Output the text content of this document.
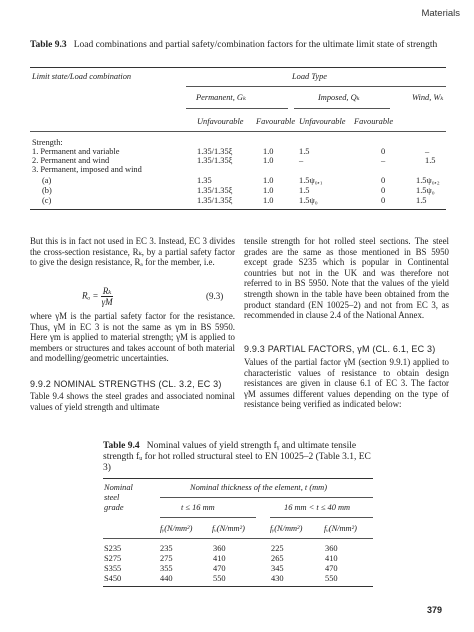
Materials
Table 9.3 Load combinations and partial safety/combination factors for the ultimate limit state of strength
Limit state/Load combination	Load Type
Permanent, Gₖ	Imposed, Qₖ	Wind, Wₖ
Unfavourable Favourable Unfavourable Favourable
Strength:
1. Permanent and variable	1.35/1.35ξ	1.0	1.5	0	–
2. Permanent and wind	1.35/1.35ξ	1.0	–	–	1.5
3. Permanent, imposed and wind
(a)	1.35	1.0	1.5ψ₀,₁	0	1.5ψ₀,₂
(b)	1.35/1.35ξ	1.0	1.5	0	1.5ψ₀
(c)	1.35/1.35ξ	1.0	1.5ψ₀	0	1.5

But this is in fact not used in EC 3. Instead, EC 3 divides the cross-section resistance, Rₖ, by a partial safety factor to give the design resistance, Rₐ for the member, i.e.

$R_a = \frac{\text{Rₖ}}{\gamma M}$	(9.3)

where γM is the partial safety factor for the resistance. Thus, γM in EC 3 is not the same as γm in BS 5950. Here γm is applied to material strength; γM is applied to members or structures and takes account of both material and modelling/geometric uncertainties.

9.9.2 NOMINAL STRENGTHS (CL. 3.2, EC 3)

Table 9.4 shows the steel grades and associated nominal values of yield strength and ultimate

tensile strength for hot rolled steel sections. The steel grades are the same as those mentioned in BS 5950 except grade S235 which is popular in Continental countries but not in the UK and was therefore not referred to in BS 5950. Note that the values of the yield strength shown in the table have been obtained from the product standard (EN 10025–2) and not from EC 3, as recommended in clause 2.4 of the National Annex.

9.9.3 PARTIAL FACTORS, γM (CL. 6.1, EC 3)

Values of the partial factor γM (section 9.9.1) applied to characteristic values of resistance to obtain design resistances are given in clause 6.1 of EC 3. The factor γM assumes different values depending on the type of resistance being verified as indicated below:

Table 9.4 Nominal values of yield strength fᵧ and ultimate tensile strength fᵤ for hot rolled structural steel to EN 10025–2 (Table 3.1, EC 3)
Nominal
steel
grade
Nominal thickness of the element, t (mm)
t ≤ 16 mm	16 mm < t ≤ 40 mm
fᵧ(N/mm²) fᵤ(N/mm²)	fᵧ(N/mm²)	fᵤ(N/mm²)
S235	235	360	225	360
S275	275	410	265	410
S355	355	470	345	470
S450	440	550	430	550
379
